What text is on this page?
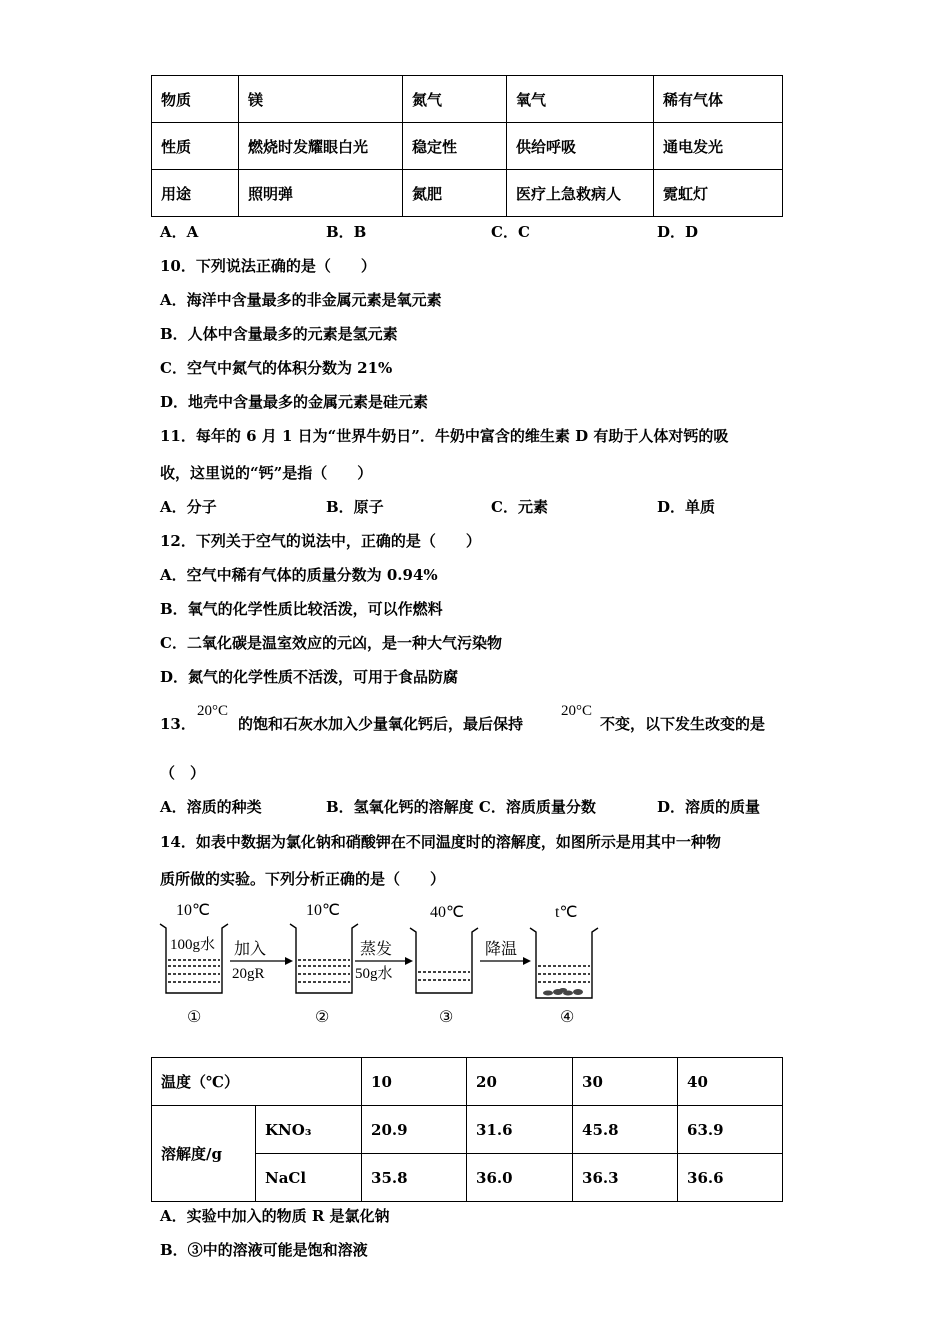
物质	镁	氮气	氧气	稀有气体
性质	燃烧时发耀眼白光	稳定性	供给呼吸	通电发光
用途	照明弹	氮肥	医疗上急救病人	霓虹灯
A．A	B．B	C．C	D．D
10．下列说法正确的是（　　）
A．海洋中含量最多的非金属元素是氧元素
B．人体中含量最多的元素是氢元素
C．空气中氮气的体积分数为 21%
D．地壳中含量最多的金属元素是硅元素
11．每年的 6 月 1 日为“世界牛奶日”．牛奶中富含的维生素 D 有助于人体对钙的吸
收，这里说的“钙”是指（　　）
A．分子	B．原子	C．元素	D．单质
12．下列关于空气的说法中，正确的是（　　）
A．空气中稀有气体的质量分数为 0.94%
B．氧气的化学性质比较活泼，可以作燃料
C．二氧化碳是温室效应的元凶，是一种大气污染物
D．氮气的化学性质不活泼，可用于食品防腐
13．
20°C
的饱和石灰水加入少量氧化钙后，最后保持
20°C
不变，以下发生改变的是
（　）
A．溶质的种类	B．氢氧化钙的溶解度 C．溶质质量分数	D．溶质的质量
14．如表中数据为氯化钠和硝酸钾在不同温度时的溶解度，如图所示是用其中一种物
质所做的实验。下列分析正确的是（　　）
10℃
100g水
①
加入
20gR
10℃
②
蒸发
50g水
40℃
③
降温
t℃
④
温度（℃）		10	20	30	40
溶解度/g	KNO₃	20.9	31.6	45.8	63.9
	NaCl	35.8	36.0	36.3	36.6
A．实验中加入的物质 R 是氯化钠
B．③中的溶液可能是饱和溶液
